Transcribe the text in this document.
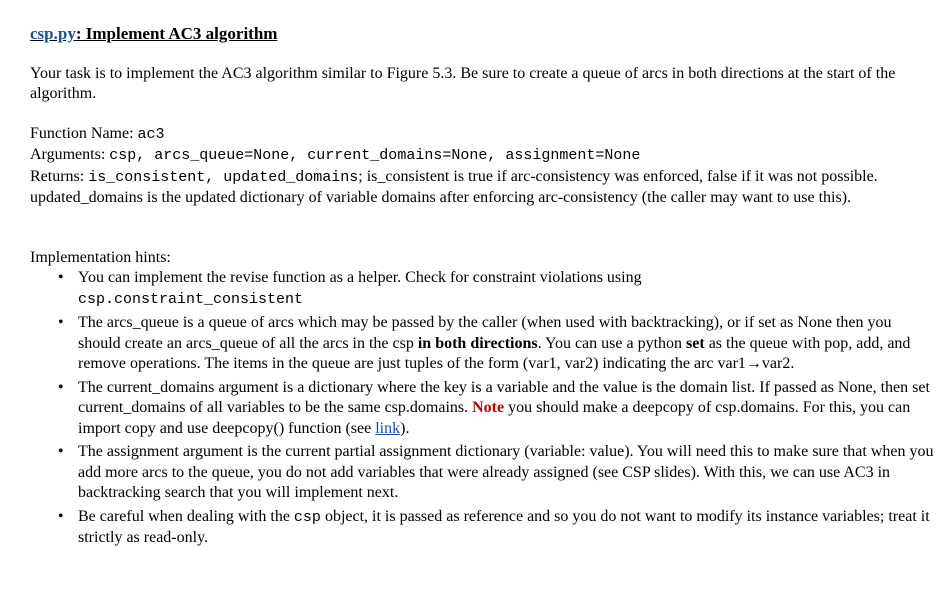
csp.py: Implement AC3 algorithm

Your task is to implement the AC3 algorithm similar to Figure 5.3. Be sure to create a queue of arcs in both directions at the start of the algorithm.

Function Name: ac3
Arguments: csp, arcs_queue=None, current_domains=None, assignment=None
Returns: is_consistent, updated_domains; is_consistent is true if arc-consistency was enforced, false if it was not possible. updated_domains is the updated dictionary of variable domains after enforcing arc-consistency (the caller may want to use this).
Implementation hints:
• You can implement the revise function as a helper. Check for constraint violations using
csp.constraint_consistent
• The arcs_queue is a queue of arcs which may be passed by the caller (when used with backtracking), or if set as None then you should create an arcs_queue of all the arcs in the csp in both directions. You can use a python set as the queue with pop, add, and remove operations. The items in the queue are just tuples of the form (var1, var2) indicating the arc var1→var2.
• The current_domains argument is a dictionary where the key is a variable and the value is the domain list. If passed as None, then set current_domains of all variables to be the same csp.domains. Note you should make a deepcopy of csp.domains. For this, you can import copy and use deepcopy() function (see link).
• The assignment argument is the current partial assignment dictionary (variable: value). You will need this to make sure that when you add more arcs to the queue, you do not add variables that were already assigned (see CSP slides). With this, we can use AC3 in backtracking search that you will implement next.
• Be careful when dealing with the csp object, it is passed as reference and so you do not want to modify its instance variables; treat it strictly as read-only.
